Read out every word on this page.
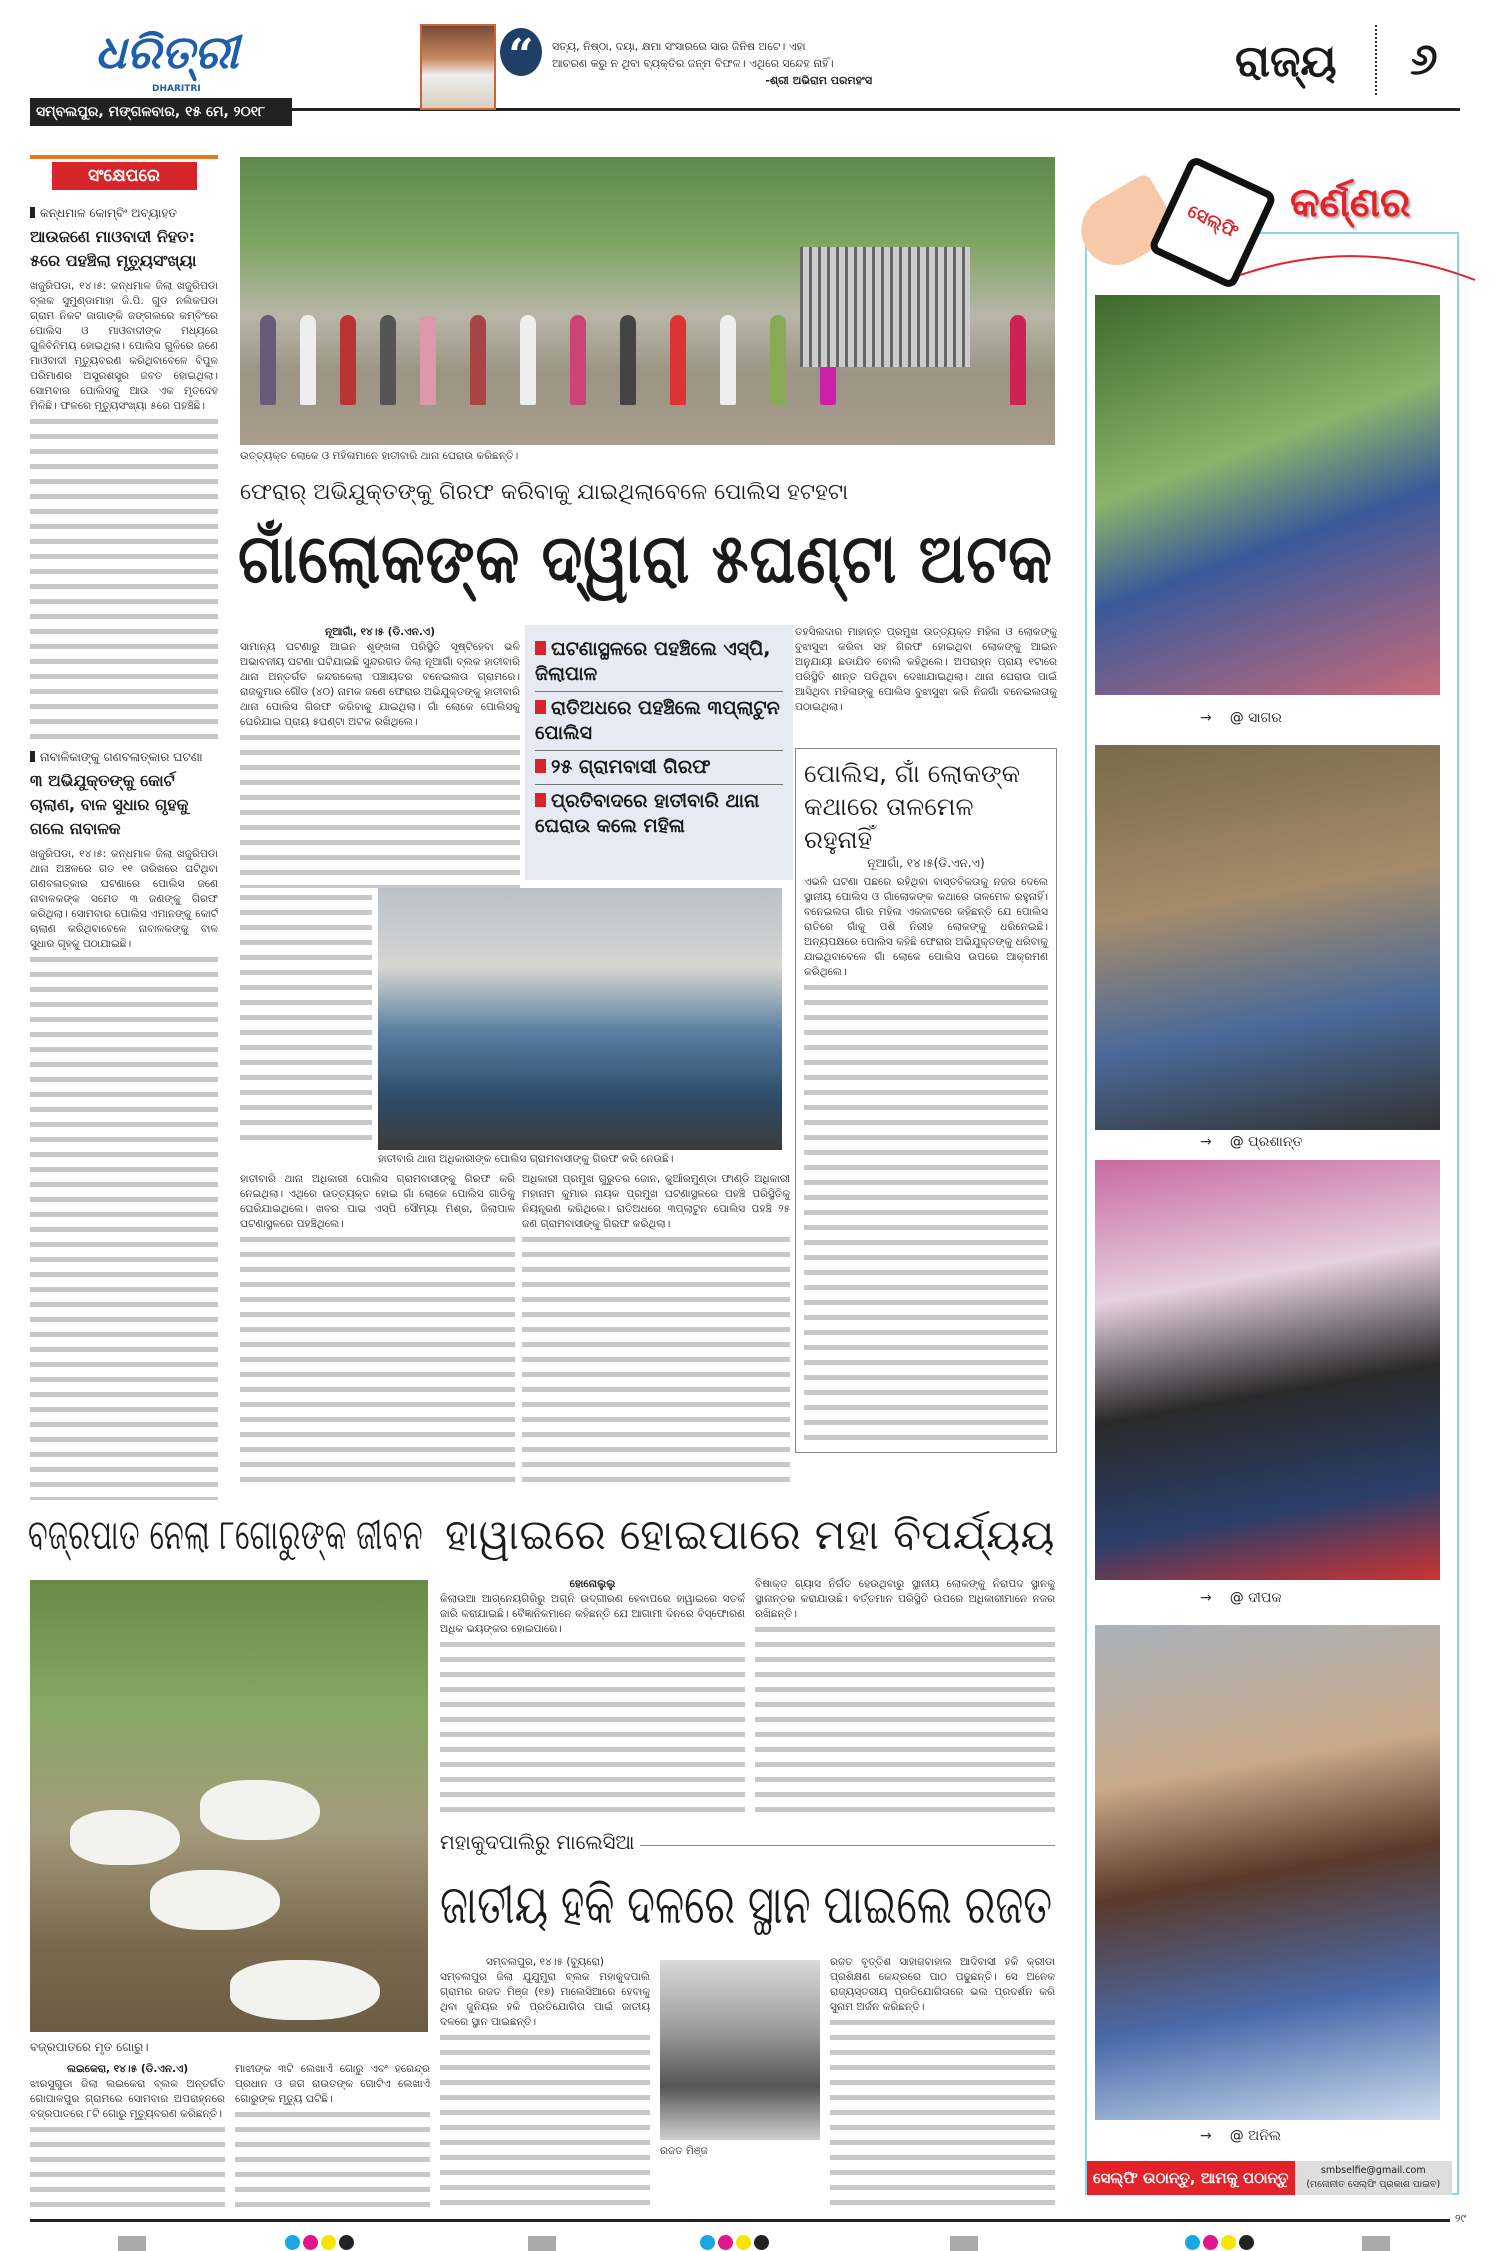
ଧରିତ୍ରୀ
DHARITRI
ସମ୍ବଲପୁର, ମଙ୍ଗଳବାର, ୧୫ ମେ, ୨୦୧୮
“	ସତ୍ୟ, ନିଷ୍ଠା, ଦୟା, କ୍ଷମା ସଂସାରରେ ସାର ଜିନିଷ ଅଟେ। ଏହା ଆଚରଣ କରୁ ନ ଥିବା ବ୍ୟକ୍ତିର ଜନ୍ମ ବିଫଳ। ଏଥିରେ ସନ୍ଦେହ ନାହିଁ।
-ଶ୍ରୀ ଅଭିରାମ ପରମହଂସ	ରାଜ୍ୟ ୬
ସଂକ୍ଷେପରେ
କନ୍ଧମାଳ କୋମ୍ବିଂ ଅବ୍ୟାହତ
ଆଉଜଣେ ମାଓବାଦୀ ନିହତ: ୫ରେ ପହଞ୍ଚିଲା ମୃତ୍ୟୁସଂଖ୍ୟା
ଖଜୁରିପଡା, ୧୪।୫: କନ୍ଧମାଳ ଜିଲା ଖଜୁରିପଡା ବ୍ଲକ ସୁମୁଣ୍ଡାମାହା ଜି.ପି. ଗୁଡ ନଲିକପଡା ଗ୍ରାମ ନିକଟ ଜାଗାଙ୍କି ଜଙ୍ଗଲରେ କମ୍ବିଂରେ ପୋଲିସ ଓ ମାଓବାଦୀଙ୍କ ମଧ୍ୟରେ ଗୁଳିବିନିମୟ ହୋଇଥିଲା। ପୋଲିସ ଗୁଳିରେ ଜଣେ ମାଓବାଦୀ ମୃତ୍ୟୁବରଣ କରିଥିବାବେଳେ ବିପୁଳ ପରିମାଣର ଅସ୍ତ୍ରଶସ୍ତ୍ର ଜବତ ହୋଇଥିଲା। ସୋମବାର ପୋଲିସକୁ ଆଉ ଏକ ମୃତଦେହ ମିଳିଛି। ଫଳରେ ମୃତ୍ୟୁସଂଖ୍ୟା ୫ରେ ପହଞ୍ଚିଛି।
ନାବାଳିକାଙ୍କୁ ଗଣବଳାତ୍କାର ଘଟଣା
୩ ଅଭିଯୁକ୍ତଙ୍କୁ କୋର୍ଟ ଚାଲାଣ, ବାଳ ସୁଧାର ଗୃହକୁ ଗଲେ ନାବାଳକ
ଖଜୁରିପଡା, ୧୪।୫: କନ୍ଧମାଳ ଜିଲା ଖଜୁରିପଡା ଥାନା ଅଞ୍ଚଳରେ ଗତ ୧୧ ତାରିଖରେ ଘଟିଥିବା ଗଣବଳାତ୍କାର ଘଟଣାରେ ପୋଲିସ ଜଣେ ନାବାଳକଙ୍କ ସମେତ ୩ ଜଣଙ୍କୁ ଗିରଫ କରିଥିଲା। ସୋମବାର ପୋଲିସ ଏମାନଙ୍କୁ କୋର୍ଟ ଚାଲାଣ କରିଥିବାବେଳେ ନାବାଳକଙ୍କୁ ବାଳ ସୁଧାର ଗୃହକୁ ପଠାଯାଇଛି।
ଉତ୍ତ୍ୟକ୍ତ ଲୋକେ ଓ ମହିଳାମାନେ ହାତୀବାରି ଥାନା ଘେରାଉ କରିଛନ୍ତି।
ଫେରାର୍ ଅଭିଯୁକ୍ତଙ୍କୁ ଗିରଫ କରିବାକୁ ଯାଇଥିଲାବେଳେ ପୋଲିସ ହଟହଟା
ଗାଁଲୋକଙ୍କ ଦ୍ୱାରା ୫ଘଣ୍ଟା ଅଟକ
ନୂଆଗାଁ, ୧୪।୫ (ଡି.ଏନ.ଏ)
ସାମାନ୍ୟ ଘଟଣାରୁ ଆଇନ ଶୃଙ୍ଖଳା ପରିସ୍ଥିତି ସୃଷ୍ଟିହେବା ଭଳି ଅଭାବନୀୟ ଘଟଣା ଘଟିଯାଇଛି ସୁନ୍ଦରଗଡ ଜିଲା ନୂଆଗାଁ ବ୍ଲକ ହାତୀବାରି ଥାନା ଅନ୍ତର୍ଗତ କନ୍ଦରକେଲା ପଞ୍ଚାୟତର ବନେଇଲତା ଗ୍ରାମରେ। ରାଜକୁମାର ଗୌଡ (୪୦) ନାମକ ଜଣେ ଫେରାର ଅଭିଯୁକ୍ତଙ୍କୁ ହାତୀବାରି ଥାନା ପୋଲିସ ଗିରଫ କରିବାକୁ ଯାଇଥିଲା। ଗାଁ ଲୋକେ ପୋଲିସକୁ ଘେରିଯାଇ ପ୍ରାୟ ୫ଘଣ୍ଟା ଅଟକ ରଖିଥିଲେ।
ଘଟଣାସ୍ଥଳରେ ପହଞ୍ଚିଲେ ଏସ୍‌ପି, ଜିଲାପାଳ
ରାତିଅଧରେ ପହଞ୍ଚିଲେ ୩ପ୍ଲାଟୁନ ପୋଲିସ
୨୫ ଗ୍ରାମବାସୀ ଗିରଫ
ପ୍ରତିବାଦରେ ହାତୀବାରି ଥାନା ଘେରାଉ କଲେ ମହିଳା
ତହସିଲଦାର ମାହାନ୍ତ ପ୍ରମୁଖ ଉତ୍ତ୍ୟକ୍ତ ମହିଳା ଓ ଲୋକଙ୍କୁ ବୁଝାସୁଝା କରିବା ସହ ଗିରଫ ହୋଇଥିବା ଲୋକଙ୍କୁ ଆଇନ ଅନୁଯାୟୀ ଛଡାଯିବ ବୋଲି କହିଥିଲେ। ଅପରାହ୍ନ ପ୍ରାୟ ୧ଟାରେ ପରିସ୍ଥିତି ଶାନ୍ତ ପଡିଥିବା ଦେଖାଯାଇଥିଲା। ଥାନା ଘେରାଉ ପାଇଁ ଆସିଥିବା ମହିଳାଙ୍କୁ ପୋଲିସ ବୁଝାସୁଝା କରି ନିଜଗାଁ ବନେଇଲତାକୁ ପଠାଇଥିଲା।
ପୋଲିସ, ଗାଁ ଲୋକଙ୍କ କଥାରେ ତାଳମେଳ ରହୁନାହିଁ
ନୂଆଗାଁ, ୧୪।୫(ଡି.ଏନ.ଏ)
ଏଭଳି ଘଟଣା ପଛରେ ରହିଥିବା ବାସ୍ତବିକତାକୁ ନଜର ଦେଲେ ସ୍ଥାନୀୟ ପୋଲିସ ଓ ଗାଁଲୋକଙ୍କ କଥାରେ ତାଳମେଳ ରହୁନାହିଁ। ବନେଇଲତା ଗାଁର ମହିଳା ଏକଜାଟରେ କହିଛନ୍ତି ଯେ ପୋଲିସ ରାତିରେ ଗାଁକୁ ପଶି ନିରୀହ ଲୋକଙ୍କୁ ଧରିନେଇଛି। ଅନ୍ୟପକ୍ଷରେ ପୋଲିସ କହିଛି ଫେରାର ଅଭିଯୁକ୍ତଙ୍କୁ ଧରିବାକୁ ଯାଇଥିବାବେଳେ ଗାଁ ଲୋକେ ପୋଲିସ ଉପରେ ଆକ୍ରମଣ କରିଥିଲେ।
ହାତୀବାରି ଥାନା ଅଧିକାରୀଙ୍କ ପୋଲିସ ଗ୍ରାମବାସୀଙ୍କୁ ଗିରଫ କରି ନେଉଛି।
ହାତୀବାରି ଥାନା ଅଧିକାରୀ ପୋଲିସ ଗ୍ରାମବାସୀଙ୍କୁ ଗିରଫ କରି ନେଇଥିଲା। ଏଥିରେ ଉତ୍ତ୍ୟକ୍ତ ହୋଇ ଗାଁ ଲୋକେ ପୋଲିସ ଗାଡିକୁ ଘେରିଯାଇଥିଲେ। ଖବର ପାଇ ଏସ୍‌ପି ସୌମ୍ୟା ମିଶ୍ର, ଜିଲାପାଳ ଘଟଣାସ୍ଥଳରେ ପହଞ୍ଚିଥିଲେ।
ଅଧିକାରୀ ପ୍ରମୁଖ ଗୁରୁତର ଜୋନ, କୁଆଁରମୁଣ୍ଡା ଫାଣ୍ଡି ଅଧିକାରୀ ମହାନାମ କୁମାର ନାୟକ ପ୍ରମୁଖ ଘଟଣାସ୍ଥଳରେ ପହଞ୍ଚି ପରିସ୍ଥିତିକୁ ନିୟନ୍ତ୍ରଣ କରିଥିଲେ। ରାତିଅଧରେ ୩ପ୍ଲାଟୁନ ପୋଲିସ ପହଞ୍ଚି ୨୫ ଜଣ ଗ୍ରାମବାସୀଙ୍କୁ ଗିରଫ କରିଥିଲା।
ବଜ୍ରପାତ ନେଲା ୮ଗୋରୁଙ୍କ ଜୀବନ ହାୱାଇରେ ହୋଇପାରେ ମହା ବିପର୍ଯ୍ୟୟ
ବଜ୍ରପାତରେ ମୃତ ଗୋରୁ।
ଲଇକେରା, ୧୪।୫ (ଡି.ଏନ.ଏ)
ଝାରସୁଗୁଡା ଜିଲା ଲଇକେରା ବ୍ଲକ ଅନ୍ତର୍ଗତ ଗୋପାଳପୁର ଗ୍ରାମରେ ସୋମବାର ଅପରାହ୍ନରେ ବଜ୍ରପାତରେ ୮ଟି ଗୋରୁ ମୃତ୍ୟୁବରଣ କରିଛନ୍ତି।
ମାଝୀଙ୍କ ୩ଟି ଲେଖାଏଁ ଗୋରୁ ଏବଂ ହରେନ୍ଦ୍ର ପ୍ରଧାନ ଓ ଜଗ ରାଉତଙ୍କ ଗୋଟିଏ ଲେଖାଏଁ ଗୋରୁଙ୍କ ମୃତ୍ୟୁ ଘଟିଛି।
ହୋନୋଲୁଲୁ
କିଲାଉଆ ଆଗ୍ନେୟଗିରିରୁ ଅଗ୍ନି ଉଦ୍‌ଗୀରଣ ହେବାପରେ ହାୱାଇରେ ସତର୍କ ଜାରି କରାଯାଇଛି। ବୈଜ୍ଞାନିକମାନେ କହିଛନ୍ତି ଯେ ଆଗାମୀ ଦିନରେ ବିସ୍ଫୋରଣ ଅଧିକ ଭୟଙ୍କର ହୋଇପାରେ।
ବିଷାକ୍ତ ଗ୍ୟାସ ନିର୍ଗତ ହେଉଥିବାରୁ ସ୍ଥାନୀୟ ଲୋକଙ୍କୁ ନିରାପଦ ସ୍ଥାନକୁ ସ୍ଥାନାନ୍ତର କରାଯାଉଛି। ବର୍ତ୍ତମାନ ପରିସ୍ଥିତି ଉପରେ ଅଧିକାରୀମାନେ ନଜର ରଖିଛନ୍ତି।
ମହାକୁଦପାଲିରୁ ମାଲେସିଆ
ଜାତୀୟ ହକି ଦଳରେ ସ୍ଥାନ ପାଇଲେ ରଜତ
ସମ୍ବଲପୁର, ୧୪।୫ (ବ୍ୟୁରୋ)
ସମ୍ବଲପୁର ଜିଲା ଯୁଯୁମୁରା ବ୍ଲକ ମହାକୁଦପାଲି ଗ୍ରାମର ରଜତ ମିଞ୍ଜ (୧୭) ମାଲେସିଆରେ ହେବାକୁ ଥିବା ଜୁନିୟର ହକି ପ୍ରତିଯୋଗିତା ପାଇଁ ଜାତୀୟ ଦଳରେ ସ୍ଥାନ ପାଇଛନ୍ତି।
ରଜତ ମିଞ୍ଜ
ରଜତ ବୃତ୍ତିଶ ସାହାଜବାହାଲ ଆଦିବାସୀ ହକି କ୍ରୀଡା ପ୍ରଶିକ୍ଷଣ କେନ୍ଦ୍ରରେ ପାଠ ପଢୁଛନ୍ତି। ସେ ଅନେକ ରାଜ୍ୟସ୍ତରୀୟ ପ୍ରତିଯୋଗିତାରେ ଭଲ ପ୍ରଦର୍ଶନ କରି ସୁନାମ ଅର୍ଜନ କରିଛନ୍ତି।
ସେଲ୍‌ଫି	କର୍ଣ୍ଣର
→ @ ସାଗର
→ @ ପ୍ରଶାନ୍ତ
→ @ ଦୀପକ
→ @ ଅନିଲ
ସେଲ୍‌ଫି ଉଠାନ୍ତୁ, ଆମକୁ ପଠାନ୍ତୁ	smbselfie@gmail.com
(ମନୋନୀତ ସେଲ୍‌ଫି ପ୍ରକାଶ ପାଇବ)
୨୯
